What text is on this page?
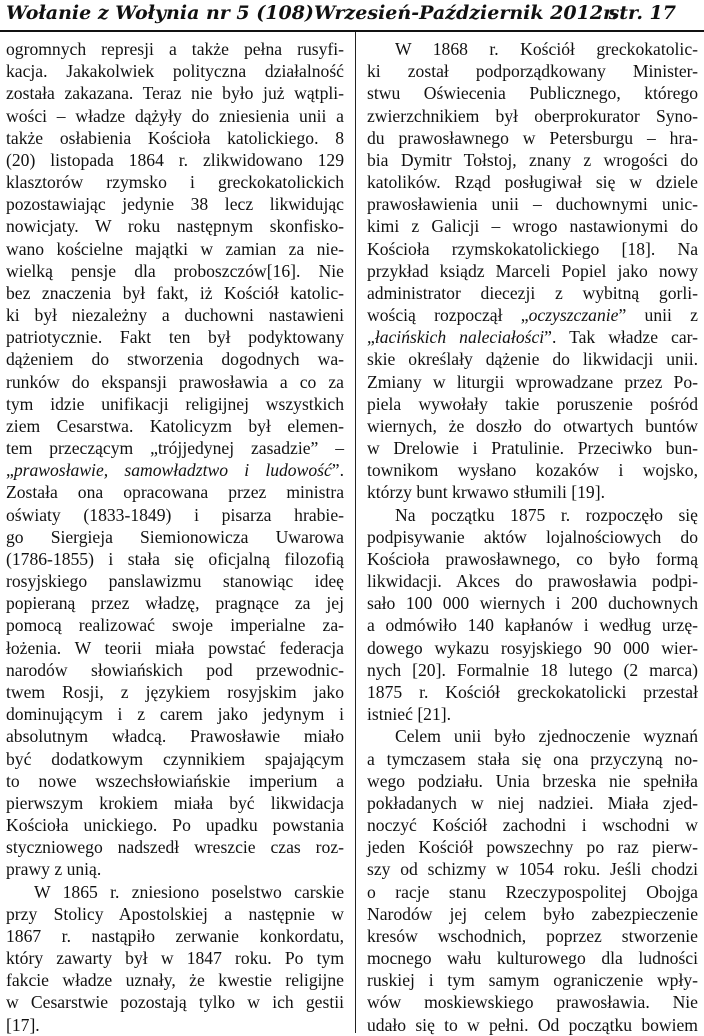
Wołanie z Wołynia nr 5 (108) Wrzesień-Październik 2012r.
str. 17
ogromnych represji a także pełna rusyfi-
kacja. Jakakolwiek polityczna działalność
została zakazana. Teraz nie było już wątpli-
wości – władze dążyły do zniesienia unii a
także osłabienia Kościoła katolickiego. 8
(20) listopada 1864 r. zlikwidowano 129
klasztorów rzymsko i greckokatolickich
pozostawiając jedynie 38 lecz likwidując
nowicjaty. W roku następnym skonfisko-
wano kościelne majątki w zamian za nie-
wielką pensje dla proboszczów[16]. Nie
bez znaczenia był fakt, iż Kościół katolic-
ki był niezależny a duchowni nastawieni
patriotycznie. Fakt ten był podyktowany
dążeniem do stworzenia dogodnych wa-
runków do ekspansji prawosławia a co za
tym idzie unifikacji religijnej wszystkich
ziem Cesarstwa. Katolicyzm był elemen-
tem przeczącym „trójjedynej zasadzie” –
„prawosławie, samowładztwo i ludowość”.
Została ona opracowana przez ministra
oświaty (1833-1849) i pisarza hrabie-
go Siergieja Siemionowicza Uwarowa
(1786-1855) i stała się oficjalną filozofią
rosyjskiego panslawizmu stanowiąc ideę
popieraną przez władzę, pragnące za jej
pomocą realizować swoje imperialne za-
łożenia. W teorii miała powstać federacja
narodów słowiańskich pod przewodnic-
twem Rosji, z językiem rosyjskim jako
dominującym i z carem jako jedynym i
absolutnym władcą. Prawosławie miało
być dodatkowym czynnikiem spajającym
to nowe wszechsłowiańskie imperium a
pierwszym krokiem miała być likwidacja
Kościoła unickiego. Po upadku powstania
styczniowego nadszedł wreszcie czas roz-
prawy z unią.
W 1865 r. zniesiono poselstwo carskie
przy Stolicy Apostolskiej a następnie w
1867 r. nastąpiło zerwanie konkordatu,
który zawarty był w 1847 roku. Po tym
fakcie władze uznały, że kwestie religijne
w Cesarstwie pozostają tylko w ich gestii
[17].
W 1868 r. Kościół greckokatolic-
ki został podporządkowany Minister-
stwu Oświecenia Publicznego, którego
zwierzchnikiem był oberprokurator Syno-
du prawosławnego w Petersburgu – hra-
bia Dymitr Tołstoj, znany z wrogości do
katolików. Rząd posługiwał się w dziele
prawosławienia unii – duchownymi unic-
kimi z Galicji – wrogo nastawionymi do
Kościoła rzymskokatolickiego [18]. Na
przykład ksiądz Marceli Popiel jako nowy
administrator diecezji z wybitną gorli-
wością rozpoczął „oczyszczanie” unii z
„łacińskich naleciałości”. Tak władze car-
skie określały dążenie do likwidacji unii.
Zmiany w liturgii wprowadzane przez Po-
piela wywołały takie poruszenie pośród
wiernych, że doszło do otwartych buntów
w Drelowie i Pratulinie. Przeciwko bun-
townikom wysłano kozaków i wojsko,
którzy bunt krwawo stłumili [19].
Na początku 1875 r. rozpoczęło się
podpisywanie aktów lojalnościowych do
Kościoła prawosławnego, co było formą
likwidacji. Akces do prawosławia podpi-
sało 100 000 wiernych i 200 duchownych
a odmówiło 140 kapłanów i według urzę-
dowego wykazu rosyjskiego 90 000 wier-
nych [20]. Formalnie 18 lutego (2 marca)
1875 r. Kościół greckokatolicki przestał
istnieć [21].
Celem unii było zjednoczenie wyznań
a tymczasem stała się ona przyczyną no-
wego podziału. Unia brzeska nie spełniła
pokładanych w niej nadziei. Miała zjed-
noczyć Kościół zachodni i wschodni w
jeden Kościół powszechny po raz pierw-
szy od schizmy w 1054 roku. Jeśli chodzi
o racje stanu Rzeczypospolitej Obojga
Narodów jej celem było zabezpieczenie
kresów wschodnich, poprzez stworzenie
mocnego wału kulturowego dla ludności
ruskiej i tym samym ograniczenie wpły-
wów moskiewskiego prawosławia. Nie
udało się to w pełni. Od początku bowiem
